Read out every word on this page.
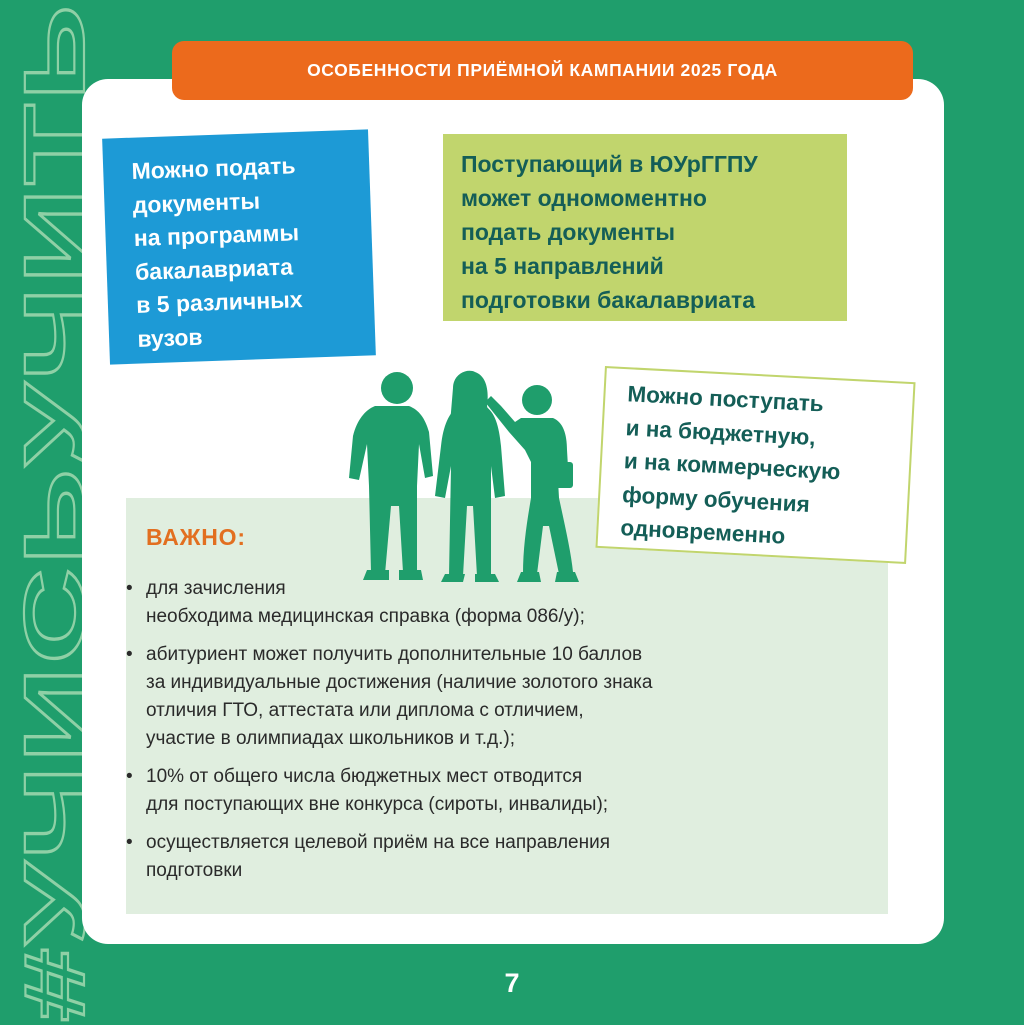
#УЧИСЬУЧИТЬ
ОСОБЕННОСТИ ПРИЁМНОЙ КАМПАНИИ 2025 ГОДА
Можно подать
документы
на программы
бакалавриата
в 5 различных
вузов
Поступающий в ЮУрГГПУ
может одномоментно
подать документы
на 5 направлений
подготовки бакалавриата
ВАЖНО:
• для зачисления
необходима медицинская справка (форма 086/у);
• абитуриент может получить дополнительные 10 баллов
за индивидуальные достижения (наличие золотого знака
отличия ГТО, аттестата или диплома с отличием,
участие в олимпиадах школьников и т.д.);
• 10% от общего числа бюджетных мест отводится
для поступающих вне конкурса (сироты, инвалиды);
• осуществляется целевой приём на все направления
подготовки
Можно поступать
и на бюджетную,
и на коммерческую
форму обучения
одновременно
7
